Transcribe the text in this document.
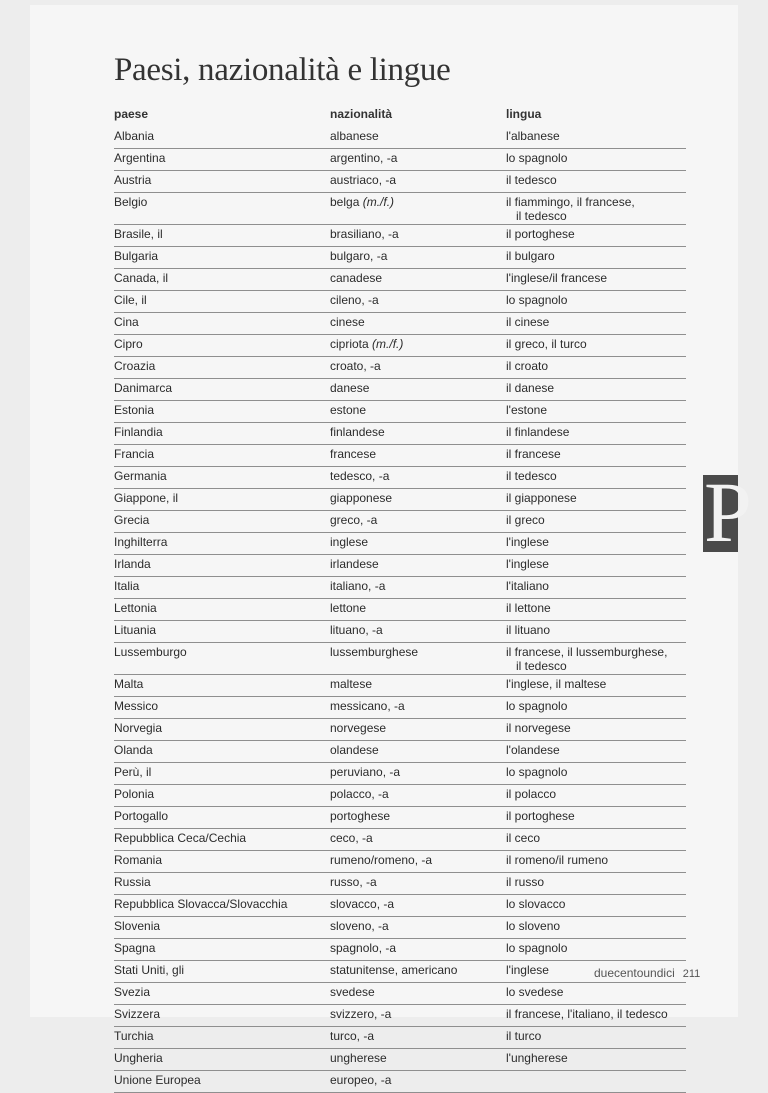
Paesi, nazionalità e lingue
paese	nazionalità	lingua
Albania	albanese	l'albanese

Argentina	argentino, -a	lo spagnolo

Austria	austriaco, -a	il tedesco

Belgio	belga (m./f.)	il fiammingo, il francese,
il tedesco

Brasile, il	brasiliano, -a	il portoghese

Bulgaria	bulgaro, -a	il bulgaro

Canada, il	canadese	l'inglese/il francese

Cile, il	cileno, -a	lo spagnolo

Cina	cinese	il cinese

Cipro	cipriota (m./f.)	il greco, il turco

Croazia	croato, -a	il croato

Danimarca	danese	il danese

Estonia	estone	l'estone

Finlandia	finlandese	il finlandese

Francia	francese	il francese

Germania	tedesco, -a	il tedesco

Giappone, il	giapponese	il giapponese

Grecia	greco, -a	il greco

Inghilterra	inglese	l'inglese

Irlanda	irlandese	l'inglese

Italia	italiano, -a	l'italiano

Lettonia	lettone	il lettone

Lituania	lituano, -a	il lituano

Lussemburgo	lussemburghese	il francese, il lussemburghese,
il tedesco

Malta	maltese	l'inglese, il maltese

Messico	messicano, -a	lo spagnolo

Norvegia	norvegese	il norvegese

Olanda	olandese	l'olandese

Perù, il	peruviano, -a	lo spagnolo

Polonia	polacco, -a	il polacco

Portogallo	portoghese	il portoghese

Repubblica Ceca/Cechia	ceco, -a	il ceco

Romania	rumeno/romeno, -a	il romeno/il rumeno

Russia	russo, -a	il russo

Repubblica Slovacca/Slovacchia	slovacco, -a	lo slovacco

Slovenia	sloveno, -a	lo sloveno

Spagna	spagnolo, -a	lo spagnolo

Stati Uniti, gli	statunitense, americano	l'inglese

Svezia	svedese	lo svedese

Svizzera	svizzero, -a	il francese, l'italiano, il tedesco

Turchia	turco, -a	il turco

Ungheria	ungherese	l'ungherese

Unione Europea	europeo, -a	
P
duecentoundici 211
